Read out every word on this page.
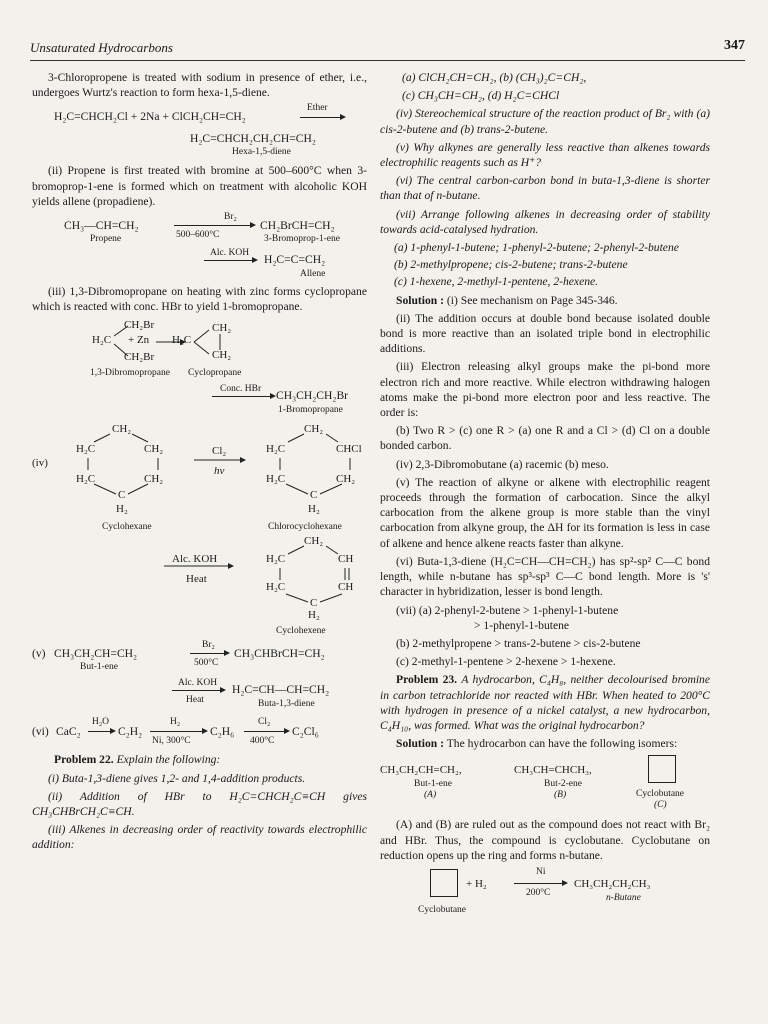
Unsaturated Hydrocarbons	347

3-Chloropropene is treated with sodium in presence of ether, i.e., undergoes Wurtz's reaction to form hexa-1,5-diene.

H₂C=CHCH₂Cl + 2Na + ClCH₂CH=CH₂
Ether
H₂C=CHCH₂CH₂CH=CH₂
Hexa-1,5-diene

(ii) Propene is first treated with bromine at 500–600°C when 3-bromoprop-1-ene is formed which on treatment with alcoholic KOH yields allene (propadiene).

CH₃—CH=CH₂
Propene
Br₂
500–600°C
CH₂BrCH=CH₂
3-Bromoprop-1-ene
Alc. KOH H₂C=C=CH₂
Allene

(iii) 1,3-Dibromopropane on heating with zinc forms cyclopropane which is reacted with conc. HBr to yield 1-bromopropane.

CH₂Br
H₂C
CH₂Br
+ Zn H₂C
CH₂
CH₂
1,3-Dibromopropane Cyclopropane
Conc. HBr CH₃CH₂CH₂Br
1-Bromopropane
CH₂
H₂C	CH₂
(iv)
H₂C	CH₂
C
H₂
Cyclohexane
Cl₂
hv
CH₂
H₂C	CHCl
H₂C	CH₂
C
H₂
Chlorocyclohexane
Alc. KOH
Heat
CH₂
H₂C	CH
H₂C	CH
C
H₂
Cyclohexene
(v) CH₃CH₂CH=CH₂
But-1-ene
Br₂
500°C
CH₃CHBrCH=CH₂
Alc. KOH
Heat
H₂C=CH—CH=CH₂
Buta-1,3-diene
(vi) CaC₂
H₂O
C₂H₂
H₂
Ni, 300°C
C₂H₆
Cl₂
400°C
C₂Cl₆

Problem 22. Explain the following:

(i) Buta-1,3-diene gives 1,2- and 1,4-addition products.

(ii) Addition of HBr to H₂C=CHCH₂C≡CH gives CH₃CHBrCH₂C≡CH.

(iii) Alkenes in decreasing order of reactivity towards electrophilic addition:

(a) ClCH₂CH=CH₂, (b) (CH₃)₂C=CH₂,

(c) CH₃CH=CH₂, (d) H₂C=CHCl

(iv) Stereochemical structure of the reaction product of Br₂ with (a) cis-2-butene and (b) trans-2-butene.

(v) Why alkynes are generally less reactive than alkenes towards electrophilic reagents such as H⁺?

(vi) The central carbon-carbon bond in buta-1,3-diene is shorter than that of n-butane.

(vii) Arrange following alkenes in decreasing order of stability towards acid-catalysed hydration.

(a) 1-phenyl-1-butene; 1-phenyl-2-butene; 2-phenyl-2-butene

(b) 2-methylpropene; cis-2-butene; trans-2-butene

(c) 1-hexene, 2-methyl-1-pentene, 2-hexene.

Solution : (i) See mechanism on Page 345-346.

(ii) The addition occurs at double bond because isolated double bond is more reactive than an isolated triple bond in electrophilic additions.

(iii) Electron releasing alkyl groups make the pi-bond more electron rich and more reactive. While electron withdrawing halogen atoms make the pi-bond more electron poor and less reactive. The order is:

(b) Two R > (c) one R > (a) one R and a Cl > (d) Cl on a double bonded carbon.

(iv) 2,3-Dibromobutane (a) racemic (b) meso.

(v) The reaction of alkyne or alkene with electrophilic reagent proceeds through the formation of carbocation. Since the alkyl carbocation from the alkene group is more stable than the vinyl carbocation from alkyne group, the ΔH for its formation is less in case of alkene and hence alkene reacts faster than alkyne.

(vi) Buta-1,3-diene (H₂C=CH—CH=CH₂) has sp²-sp² C—C bond length, while n-butane has sp³-sp³ C—C bond length. More is 's' character in hybridization, lesser is bond length.

(vii) (a) 2-phenyl-2-butene > 1-phenyl-1-butene

> 1-phenyl-1-butene

(b) 2-methylpropene > trans-2-butene > cis-2-butene

(c) 2-methyl-1-pentene > 2-hexene > 1-hexene.

Problem 23. A hydrocarbon, C₄H₈, neither decolourised bromine in carbon tetrachloride nor reacted with HBr. When heated to 200°C with hydrogen in presence of a nickel catalyst, a new hydrocarbon, C₄H₁₀, was formed. What was the original hydrocarbon?

Solution : The hydrocarbon can have the following isomers:

CH₃CH₂CH=CH₂,
But-1-ene
(A)
CH₃CH=CHCH₃,
But-2-ene
(B)	Cyclobutane
(C)

(A) and (B) are ruled out as the compound does not react with Br₂ and HBr. Thus, the compound is cyclobutane. Cyclobutane on reduction opens up the ring and forms n-butane.

+ H₂
Ni
200°C
CH₃CH₂CH₂CH₃
n-Butane
Cyclobutane
